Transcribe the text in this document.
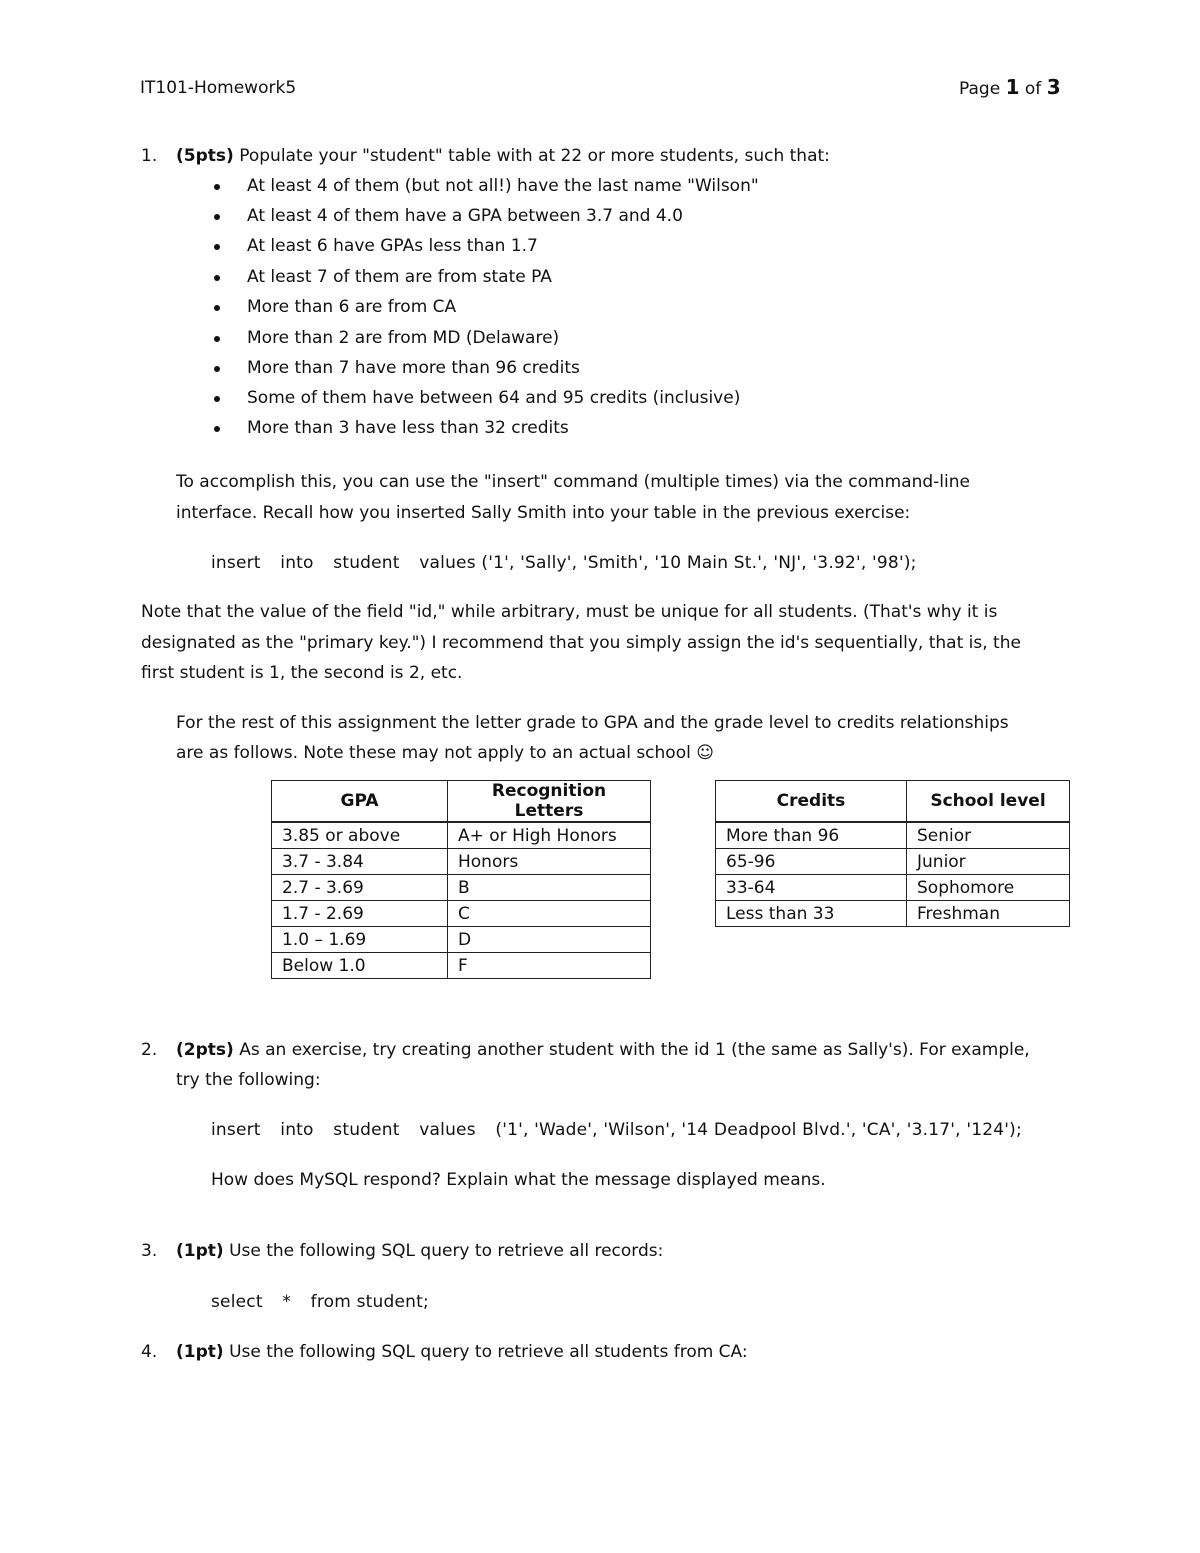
IT101-Homework5	Page 1 of 3
1. (5pts) Populate your "student" table with at 22 or more students, such that:
At least 4 of them (but not all!) have the last name "Wilson"
At least 4 of them have a GPA between 3.7 and 4.0
At least 6 have GPAs less than 1.7
At least 7 of them are from state PA
More than 6 are from CA
More than 2 are from MD (Delaware)
More than 7 have more than 96 credits
Some of them have between 64 and 95 credits (inclusive)
More than 3 have less than 32 credits
To accomplish this, you can use the "insert" command (multiple times) via the command-line
interface. Recall how you inserted Sally Smith into your table in the previous exercise:
insert into student values ('1', 'Sally', 'Smith', '10 Main St.', 'NJ', '3.92', '98');
Note that the value of the field "id," while arbitrary, must be unique for all students. (That's why it is
designated as the "primary key.") I recommend that you simply assign the id's sequentially, that is, the
first student is 1, the second is 2, etc.
For the rest of this assignment the letter grade to GPA and the grade level to credits relationships
are as follows. Note these may not apply to an actual school ☺
GPA	Recognition Letters
3.85 or above	A+ or High Honors
3.7 - 3.84	Honors
2.7 - 3.69	B
1.7 - 2.69	C
1.0 – 1.69	D
Below 1.0	F
Credits	School level
More than 96	Senior
65-96	Junior
33-64	Sophomore
Less than 33	Freshman
2. (2pts) As an exercise, try creating another student with the id 1 (the same as Sally's). For example,
try the following:
insert into student values ('1', 'Wade', 'Wilson', '14 Deadpool Blvd.', 'CA', '3.17', '124');
How does MySQL respond? Explain what the message displayed means.
3. (1pt) Use the following SQL query to retrieve all records:
select * from student;
4. (1pt) Use the following SQL query to retrieve all students from CA:
